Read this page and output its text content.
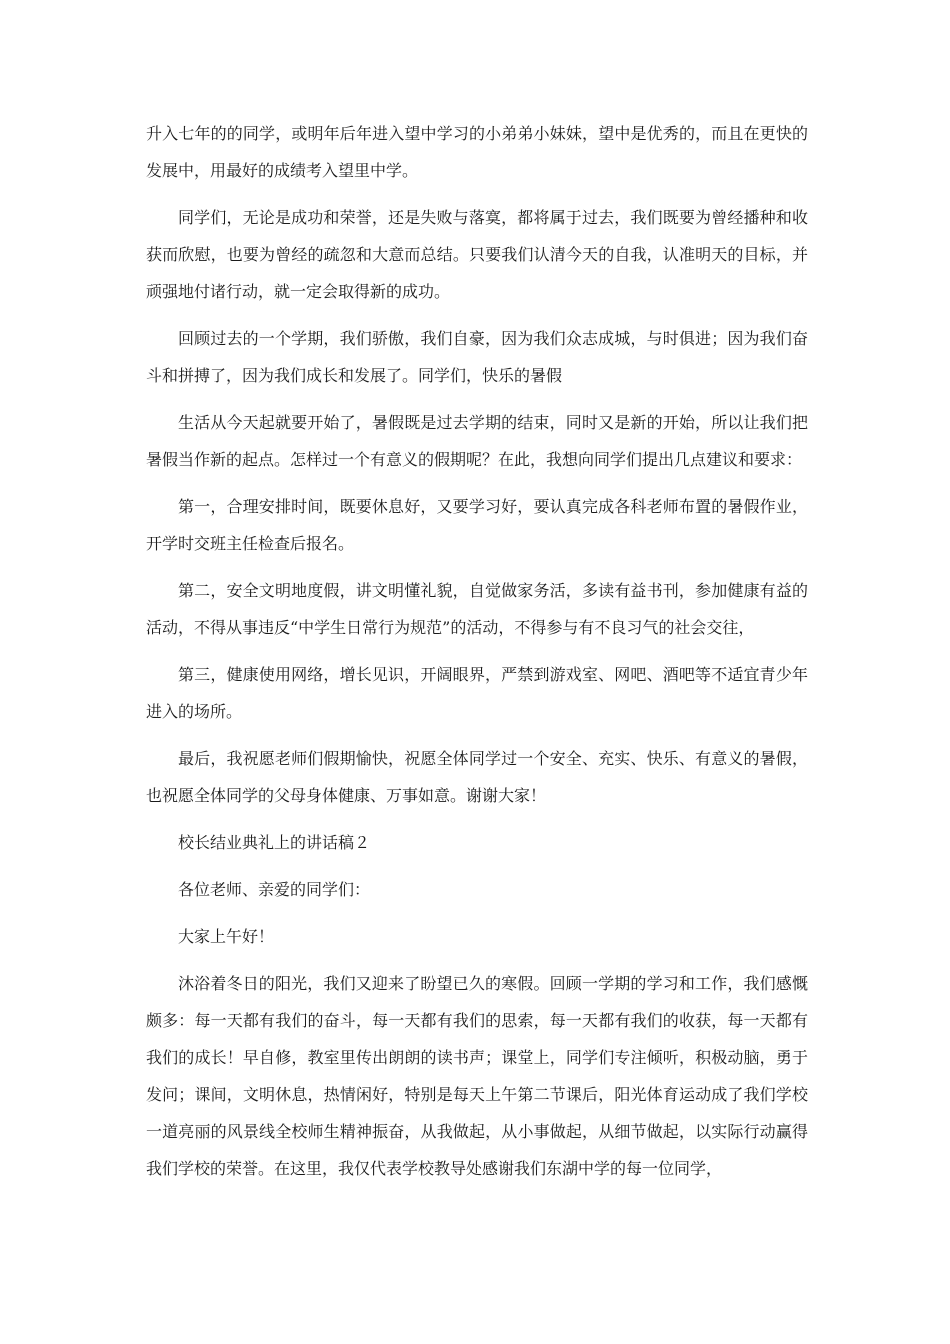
升入七年的的同学，或明年后年进入望中学习的小弟弟小妹妹，望中是优秀的，而且在更快的发展中，用最好的成绩考入望里中学。

同学们，无论是成功和荣誉，还是失败与落寞，都将属于过去，我们既要为曾经播种和收获而欣慰，也要为曾经的疏忽和大意而总结。只要我们认清今天的自我，认准明天的目标，并顽强地付诸行动，就一定会取得新的成功。

回顾过去的一个学期，我们骄傲，我们自豪，因为我们众志成城，与时俱进；因为我们奋斗和拼搏了，因为我们成长和发展了。同学们，快乐的暑假

生活从今天起就要开始了，暑假既是过去学期的结束，同时又是新的开始，所以让我们把暑假当作新的起点。怎样过一个有意义的假期呢？在此，我想向同学们提出几点建议和要求：

第一，合理安排时间，既要休息好，又要学习好，要认真完成各科老师布置的暑假作业，开学时交班主任检查后报名。

第二，安全文明地度假，讲文明懂礼貌，自觉做家务活，多读有益书刊，参加健康有益的活动，不得从事违反“中学生日常行为规范”的活动，不得参与有不良习气的社会交往，

第三，健康使用网络，增长见识，开阔眼界，严禁到游戏室、网吧、酒吧等不适宜青少年进入的场所。

最后，我祝愿老师们假期愉快，祝愿全体同学过一个安全、充实、快乐、有意义的暑假，也祝愿全体同学的父母身体健康、万事如意。谢谢大家！

校长结业典礼上的讲话稿２

各位老师、亲爱的同学们：

大家上午好！

沐浴着冬日的阳光，我们又迎来了盼望已久的寒假。回顾一学期的学习和工作，我们感慨颇多：每一天都有我们的奋斗，每一天都有我们的思索，每一天都有我们的收获，每一天都有我们的成长！早自修，教室里传出朗朗的读书声；课堂上，同学们专注倾听，积极动脑，勇于发问；课间，文明休息，热情闲好，特别是每天上午第二节课后，阳光体育运动成了我们学校一道亮丽的风景线全校师生精神振奋，从我做起，从小事做起，从细节做起，以实际行动赢得我们学校的荣誉。在这里，我仅代表学校教导处感谢我们东湖中学的每一位同学，
